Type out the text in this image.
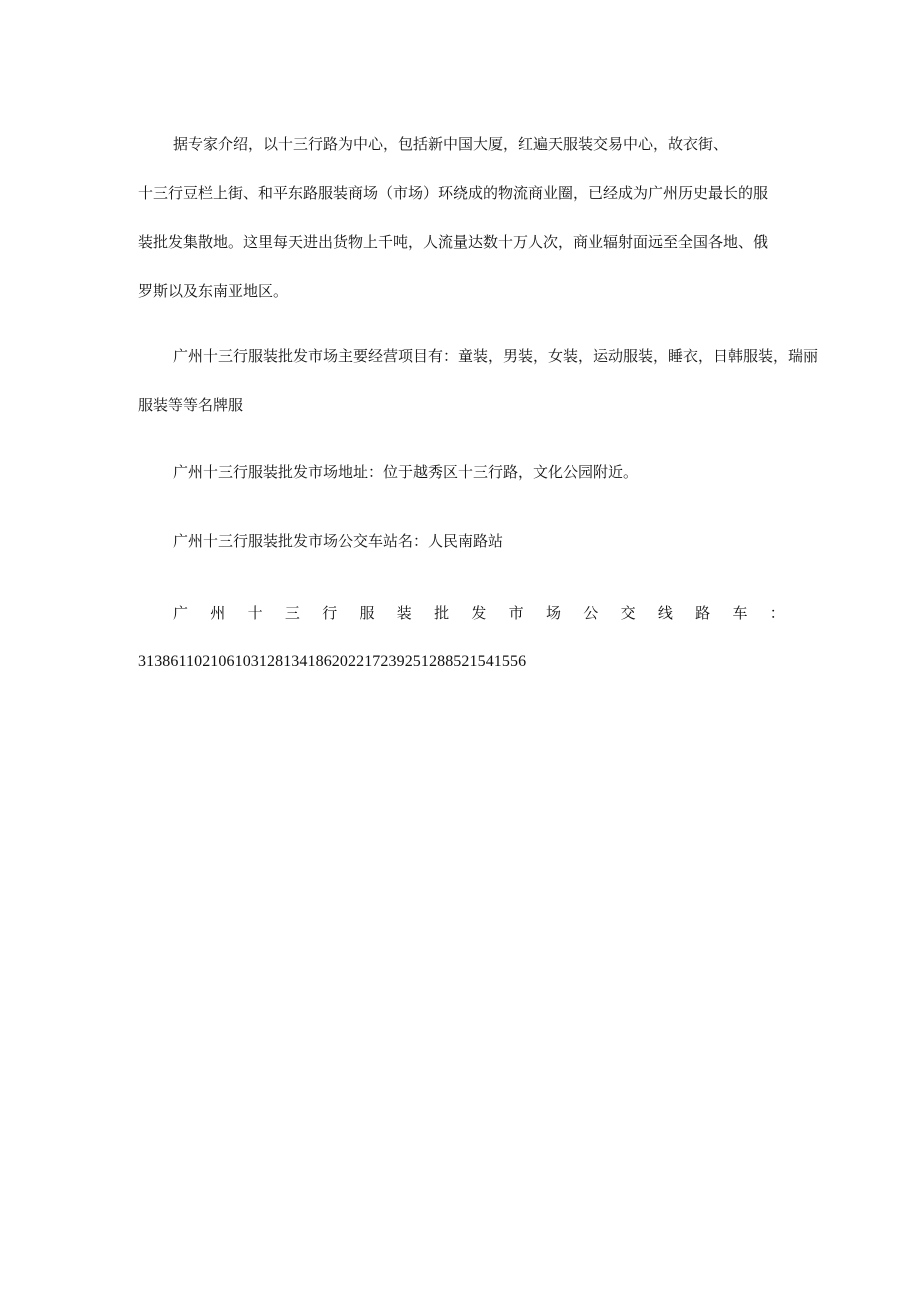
据专家介绍，以十三行路为中心，包括新中国大厦，红遍天服装交易中心，故衣街、
十三行豆栏上街、和平东路服装商场（市场）环绕成的物流商业圈，已经成为广州历史最长的服
装批发集散地。这里每天进出货物上千吨，人流量达数十万人次，商业辐射面远至全国各地、俄
罗斯以及东南亚地区。
广州十三行服装批发市场主要经营项目有：童装，男装，女装，运动服装，睡衣，日韩服装，瑞丽
服装等等名牌服
广州十三行服装批发市场地址：位于越秀区十三行路，文化公园附近。
广州十三行服装批发市场公交车站名：人民南路站
广 州 十 三 行 服 装 批 发 市 场 公 交 线 路 车 ：
31386110210610312813418620221723925128852154155​6
